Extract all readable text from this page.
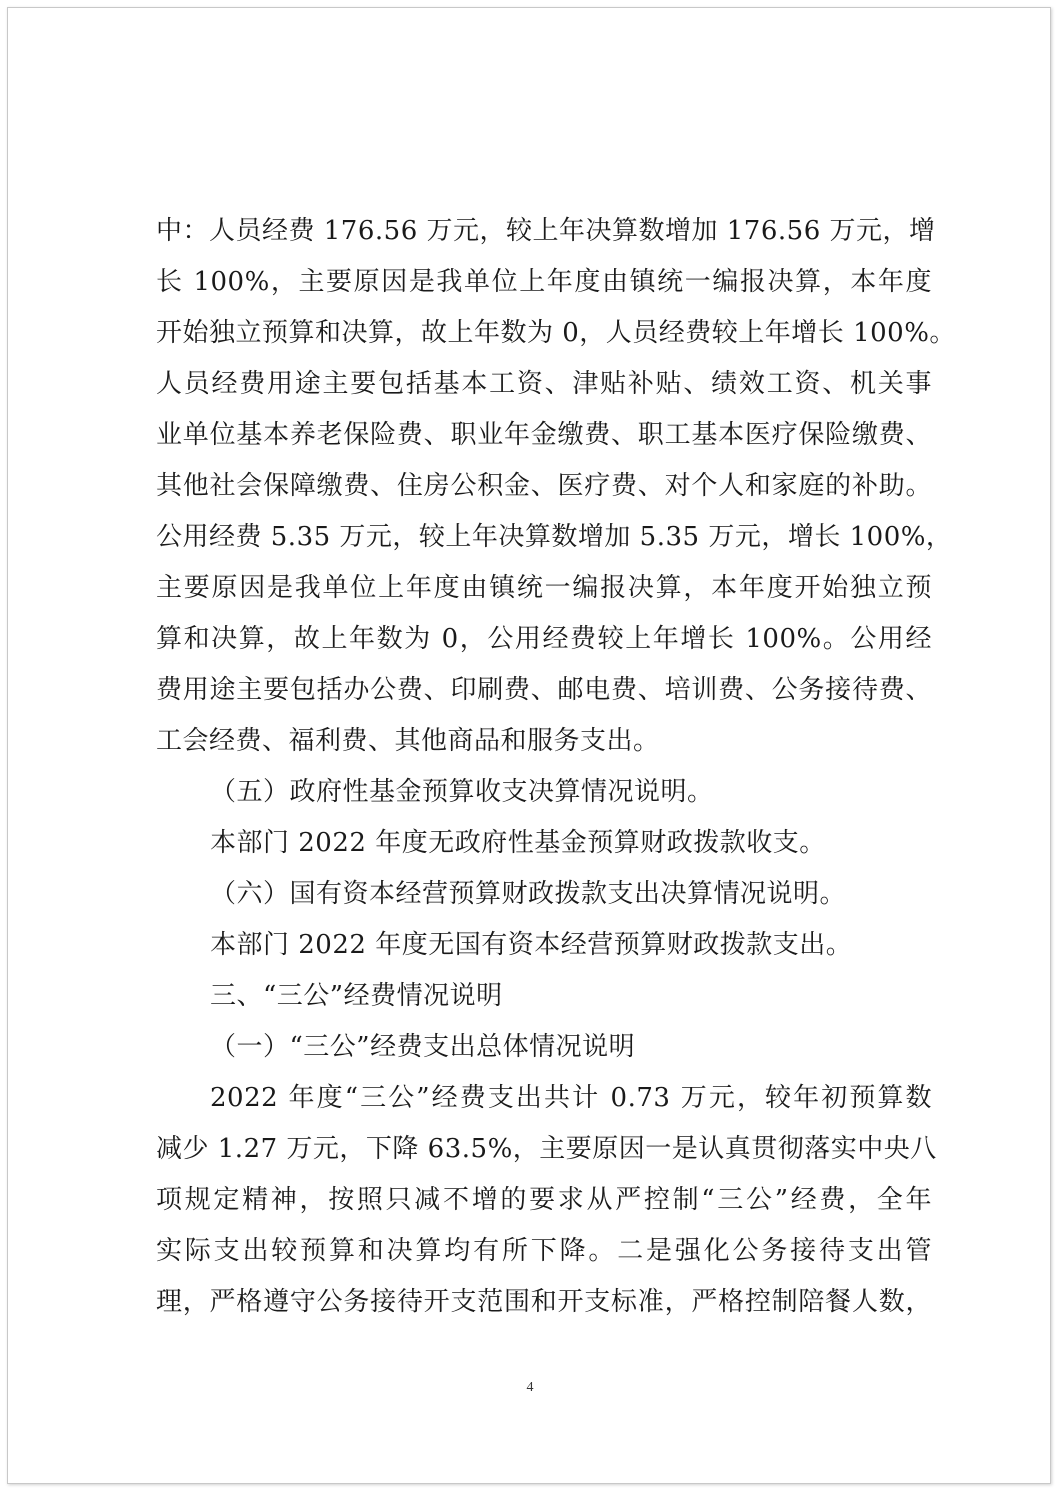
中：人员经费 176.56 万元，较上年决算数增加 176.56 万元，增
长 100%，主要原因是我单位上年度由镇统一编报决算，本年度
开始独立预算和决算，故上年数为 0，人员经费较上年增长 100%。
人员经费用途主要包括基本工资、津贴补贴、绩效工资、机关事
业单位基本养老保险费、职业年金缴费、职工基本医疗保险缴费、
其他社会保障缴费、住房公积金、医疗费、对个人和家庭的补助。
公用经费 5.35 万元，较上年决算数增加 5.35 万元，增长 100%，
主要原因是我单位上年度由镇统一编报决算，本年度开始独立预
算和决算，故上年数为 0，公用经费较上年增长 100%。公用经
费用途主要包括办公费、印刷费、邮电费、培训费、公务接待费、
工会经费、福利费、其他商品和服务支出。
（五）政府性基金预算收支决算情况说明。
本部门 2022 年度无政府性基金预算财政拨款收支。
（六）国有资本经营预算财政拨款支出决算情况说明。
本部门 2022 年度无国有资本经营预算财政拨款支出。
三、“三公”经费情况说明
（一）“三公”经费支出总体情况说明
2022 年度“三公”经费支出共计 0.73 万元，较年初预算数
减少 1.27 万元，下降 63.5%，主要原因一是认真贯彻落实中央八
项规定精神，按照只减不增的要求从严控制“三公”经费，全年
实际支出较预算和决算均有所下降。二是强化公务接待支出管
理，严格遵守公务接待开支范围和开支标准，严格控制陪餐人数，
4
